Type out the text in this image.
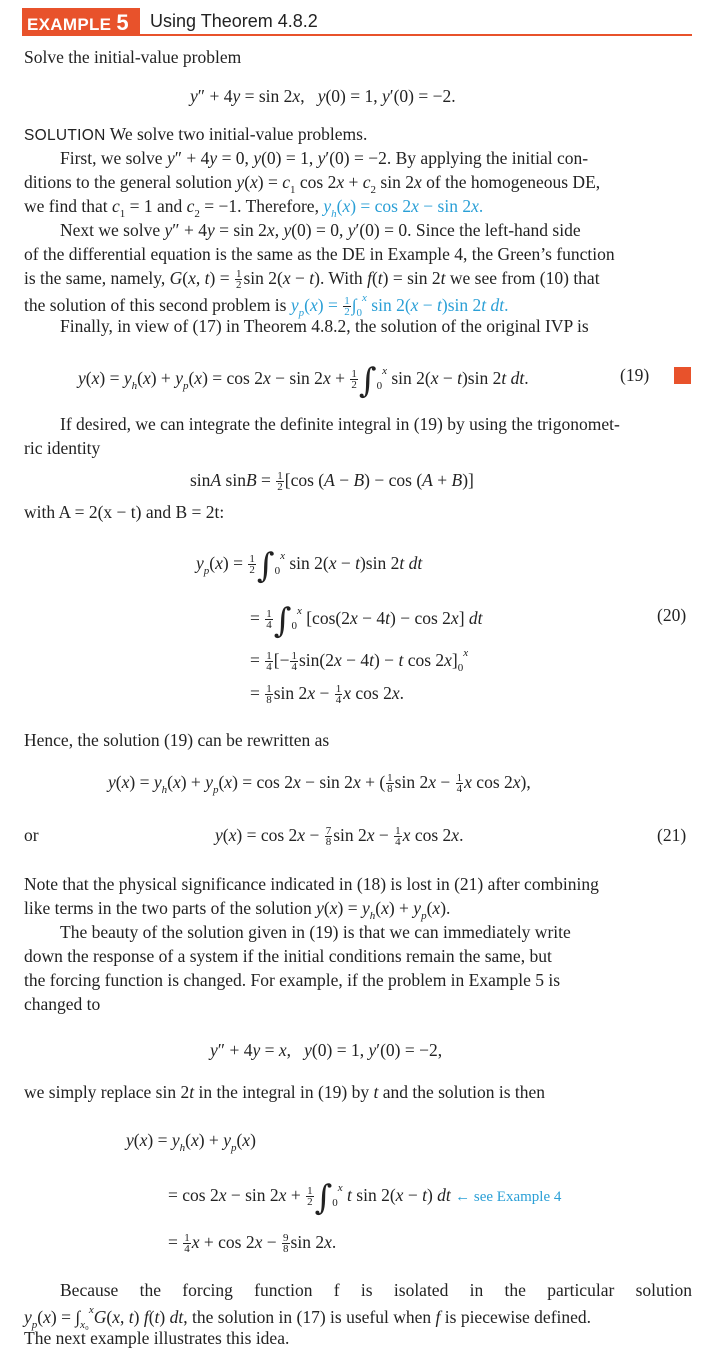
EXAMPLE 5 Using Theorem 4.8.2
Solve the initial-value problem
y″ + 4y = sin 2x,   y(0) = 1, y′(0) = −2.
SOLUTION We solve two initial-value problems.
First, we solve y″ + 4y = 0, y(0) = 1, y′(0) = −2. By applying the initial con-
ditions to the general solution $y(x) = c_1$ $\cos 2x + c_2$ sin 2x of the homogeneous DE,
we find that $c_1 = 1$ and $c_2 = -1$. Therefore, $y_h(x) = \cos 2x - \sin 2x$.
Next we solve y″ + 4y = sin 2x, y(0) = 0, y′(0) = 0. Since the left-hand side
of the differential equation is the same as the DE in Example 4, the Green’s function
is the same, namely, G(x, $t) = \frac{1}{2}$ sin 2(x − t). With f(t) = sin 2t we see from (10) that
the solution of this second problem is $y_p(x) = \frac{1}{2} \int_0^x$ sin 2(x − t)sin 2t dt.
Finally, in view of (17) in Theorem 4.8.2, the solution of the original IVP is
$y(x) = y_h(x) + y_p(x) = \cos 2x - \sin 2x + \frac{1}{2} \int_0^x$ sin 2(x − t)sin 2t dt.	(19)
If desired, we can integrate the definite integral in (19) by using the trigonomet-
ric identity
sinA $\sin B = \frac{1}{2} [\cos$ (A − B) − cos (A + B)]
with A = 2(x − t) and B = 2t:
$y_p(x) = \frac{1}{2} \int_0^x$ sin 2(x − t)sin 2t dt
= $\frac{1}{4} \int_0^x$ [cos(2x − 4t) − cos 2x] dt	(20)
= $\frac{1}{4}$ [− $\frac{1}{4} \sin(2x - 4t) - t$ $\cos 2x]_0^x$
= $\frac{1}{8}$ $\sin 2x - \frac{1}{4}$ x cos 2x.
Hence, the solution (19) can be rewritten as
$y(x) = y_h(x) + y_p(x) = \cos 2x - \sin 2x$ + ( $\frac{1}{8}$ $\sin 2x - \frac{1}{4}$ x cos 2x),
or	$y(x) = \cos 2x - \frac{7}{8}$ $\sin 2x - \frac{1}{4}$ x cos 2x.	(21)
Note that the physical significance indicated in (18) is lost in (21) after combining
like terms in the two parts of the solution $y(x) = y_h(x) + y_p(x)$.
The beauty of the solution given in (19) is that we can immediately write
down the response of a system if the initial conditions remain the same, but
the forcing function is changed. For example, if the problem in Example 5 is
changed to
y″ + 4y = x,   y(0) = 1, y′(0) = −2,
we simply replace sin 2t in the integral in (19) by t and the solution is then
$y(x) = y_h(x) + y_p(x)$
= $\cos 2x - \sin 2x + \frac{1}{2} \int_0^x$ t sin 2(x − t) dt ← see Example 4
= $\frac{1}{4}$ $x + \cos 2x - \frac{9}{8}$ sin 2x.
Because the forcing function f is isolated in the particular solution
$y_p(x) = \int_{x_0}^xG(x$, t) f(t) dt, the solution in (17) is useful when f is piecewise defined.
The next example illustrates this idea.
